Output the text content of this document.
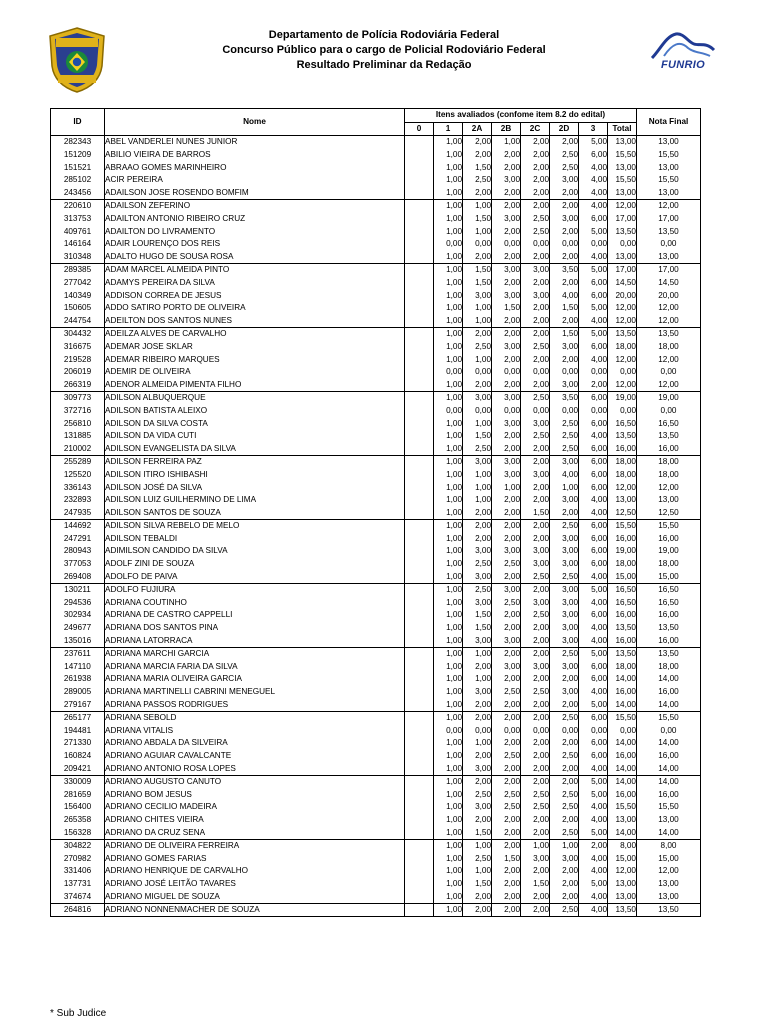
Departamento de Polícia Rodoviária Federal
Concurso Público para o cargo de Policial Rodoviário Federal
Resultado Preliminar da Redação	FUNRIO
ID	Nome	Itens avaliados (confome item 8.2 do edital)								Nota Final
		0	1	2A	2B	2C	2D	3	Total	
282343	ABEL VANDERLEI NUNES JUNIOR		1,00	2,00	1,00	2,00	2,00	5,00	13,00	13,00
151209	ABILIO VIEIRA DE BARROS		1,00	2,00	2,00	2,00	2,50	6,00	15,50	15,50
151521	ABRAAO GOMES MARINHEIRO		1,00	1,50	2,00	2,00	2,50	4,00	13,00	13,00
285102	ACIR PEREIRA		1,00	2,50	3,00	2,00	3,00	4,00	15,50	15,50
243456	ADAILSON JOSE ROSENDO BOMFIM		1,00	2,00	2,00	2,00	2,00	4,00	13,00	13,00
220610	ADAILSON ZEFERINO		1,00	1,00	2,00	2,00	2,00	4,00	12,00	12,00
313753	ADAILTON ANTONIO RIBEIRO CRUZ		1,00	1,50	3,00	2,50	3,00	6,00	17,00	17,00
409761	ADAILTON DO LIVRAMENTO		1,00	1,00	2,00	2,50	2,00	5,00	13,50	13,50
146164	ADAIR LOURENÇO DOS REIS		0,00	0,00	0,00	0,00	0,00	0,00	0,00	0,00
310348	ADALTO HUGO DE SOUSA ROSA		1,00	2,00	2,00	2,00	2,00	4,00	13,00	13,00
289385	ADAM MARCEL ALMEIDA PINTO		1,00	1,50	3,00	3,00	3,50	5,00	17,00	17,00
277042	ADAMYS PEREIRA DA SILVA		1,00	1,50	2,00	2,00	2,00	6,00	14,50	14,50
140349	ADDISON CORREA DE JESUS		1,00	3,00	3,00	3,00	4,00	6,00	20,00	20,00
150605	ADDO SATIRO PORTO DE OLIVEIRA		1,00	1,00	1,50	2,00	1,50	5,00	12,00	12,00
244754	ADEILTON DOS SANTOS NUNES		1,00	1,00	2,00	2,00	2,00	4,00	12,00	12,00
304432	ADEILZA ALVES DE CARVALHO		1,00	2,00	2,00	2,00	1,50	5,00	13,50	13,50
316675	ADEMAR JOSE SKLAR		1,00	2,50	3,00	2,50	3,00	6,00	18,00	18,00
219528	ADEMAR RIBEIRO MARQUES		1,00	1,00	2,00	2,00	2,00	4,00	12,00	12,00
206019	ADEMIR DE OLIVEIRA		0,00	0,00	0,00	0,00	0,00	0,00	0,00	0,00
266319	ADENOR ALMEIDA PIMENTA FILHO		1,00	2,00	2,00	2,00	3,00	2,00	12,00	12,00
309773	ADILSON ALBUQUERQUE		1,00	3,00	3,00	2,50	3,50	6,00	19,00	19,00
372716	ADILSON BATISTA ALEIXO		0,00	0,00	0,00	0,00	0,00	0,00	0,00	0,00
256810	ADILSON DA SILVA COSTA		1,00	1,00	3,00	3,00	2,50	6,00	16,50	16,50
131885	ADILSON DA VIDA CUTI		1,00	1,50	2,00	2,50	2,50	4,00	13,50	13,50
210002	ADILSON EVANGELISTA DA SILVA		1,00	2,50	2,00	2,00	2,50	6,00	16,00	16,00
255289	ADILSON FERREIRA PAZ		1,00	3,00	3,00	2,00	3,00	6,00	18,00	18,00
125520	ADILSON ITIRO ISHIBASHI		1,00	1,00	3,00	3,00	4,00	6,00	18,00	18,00
336143	ADILSON JOSÉ DA SILVA		1,00	1,00	1,00	2,00	1,00	6,00	12,00	12,00
232893	ADILSON LUIZ GUILHERMINO DE LIMA		1,00	1,00	2,00	2,00	3,00	4,00	13,00	13,00
247935	ADILSON SANTOS DE SOUZA		1,00	2,00	2,00	1,50	2,00	4,00	12,50	12,50
144692	ADILSON SILVA REBELO DE MELO		1,00	2,00	2,00	2,00	2,50	6,00	15,50	15,50
247291	ADILSON TEBALDI		1,00	2,00	2,00	2,00	3,00	6,00	16,00	16,00
280943	ADIMILSON CANDIDO DA SILVA		1,00	3,00	3,00	3,00	3,00	6,00	19,00	19,00
377053	ADOLF ZINI DE SOUZA		1,00	2,50	2,50	3,00	3,00	6,00	18,00	18,00
269408	ADOLFO DE PAIVA		1,00	3,00	2,00	2,50	2,50	4,00	15,00	15,00
130211	ADOLFO FUJIURA		1,00	2,50	3,00	2,00	3,00	5,00	16,50	16,50
294536	ADRIANA COUTINHO		1,00	3,00	2,50	3,00	3,00	4,00	16,50	16,50
302934	ADRIANA DE CASTRO CAPPELLI		1,00	1,50	2,00	2,50	3,00	6,00	16,00	16,00
249677	ADRIANA DOS SANTOS PINA		1,00	1,50	2,00	2,00	3,00	4,00	13,50	13,50
135016	ADRIANA LATORRACA		1,00	3,00	3,00	2,00	3,00	4,00	16,00	16,00
237611	ADRIANA MARCHI GARCIA		1,00	1,00	2,00	2,00	2,50	5,00	13,50	13,50
147110	ADRIANA MARCIA FARIA DA SILVA		1,00	2,00	3,00	3,00	3,00	6,00	18,00	18,00
261938	ADRIANA MARIA OLIVEIRA GARCIA		1,00	1,00	2,00	2,00	2,00	6,00	14,00	14,00
289005	ADRIANA MARTINELLI CABRINI MENEGUEL		1,00	3,00	2,50	2,50	3,00	4,00	16,00	16,00
279167	ADRIANA PASSOS RODRIGUES		1,00	2,00	2,00	2,00	2,00	5,00	14,00	14,00
265177	ADRIANA SEBOLD		1,00	2,00	2,00	2,00	2,50	6,00	15,50	15,50
194481	ADRIANA VITALIS		0,00	0,00	0,00	0,00	0,00	0,00	0,00	0,00
271330	ADRIANO ABDALA DA SILVEIRA		1,00	1,00	2,00	2,00	2,00	6,00	14,00	14,00
160824	ADRIANO AGUIAR CAVALCANTE		1,00	2,00	2,50	2,00	2,50	6,00	16,00	16,00
209421	ADRIANO ANTONIO ROSA LOPES		1,00	3,00	2,00	2,00	2,00	4,00	14,00	14,00
330009	ADRIANO AUGUSTO CANUTO		1,00	2,00	2,00	2,00	2,00	5,00	14,00	14,00
281659	ADRIANO BOM JESUS		1,00	2,50	2,50	2,50	2,50	5,00	16,00	16,00
156400	ADRIANO CECILIO MADEIRA		1,00	3,00	2,50	2,50	2,50	4,00	15,50	15,50
265358	ADRIANO CHITES VIEIRA		1,00	2,00	2,00	2,00	2,00	4,00	13,00	13,00
156328	ADRIANO DA CRUZ SENA		1,00	1,50	2,00	2,00	2,50	5,00	14,00	14,00
304822	ADRIANO DE OLIVEIRA FERREIRA		1,00	1,00	2,00	1,00	1,00	2,00	8,00	8,00
270982	ADRIANO GOMES FARIAS		1,00	2,50	1,50	3,00	3,00	4,00	15,00	15,00
331406	ADRIANO HENRIQUE DE CARVALHO		1,00	1,00	2,00	2,00	2,00	4,00	12,00	12,00
137731	ADRIANO JOSÉ LEITÃO TAVARES		1,00	1,50	2,00	1,50	2,00	5,00	13,00	13,00
374674	ADRIANO MIGUEL DE SOUZA		1,00	2,00	2,00	2,00	2,00	4,00	13,00	13,00
264816	ADRIANO NONNENMACHER DE SOUZA		1,00	2,00	2,00	2,00	2,50	4,00	13,50	13,50
* Sub Judice
